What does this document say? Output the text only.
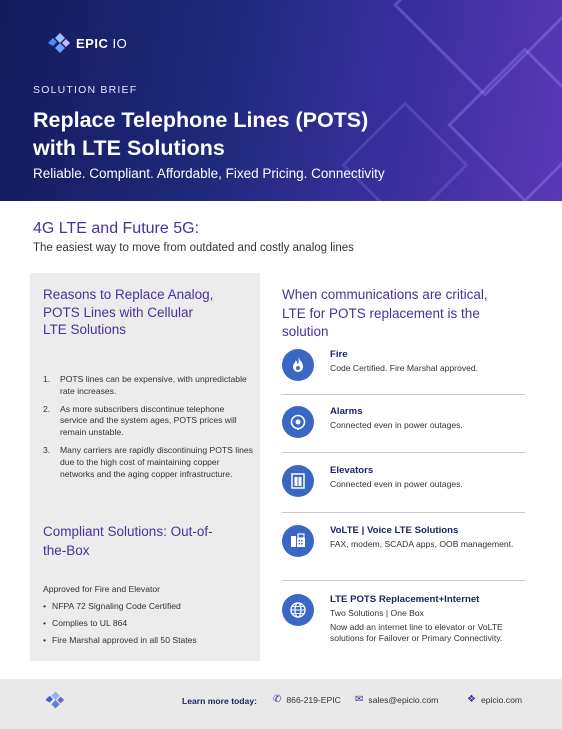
EPIC IO
SOLUTION BRIEF
Replace Telephone Lines (POTS)
with LTE Solutions
Reliable. Compliant. Affordable, Fixed Pricing. Connectivity
4G LTE and Future 5G:
The easiest way to move from outdated and costly analog lines
Reasons to Replace Analog,
POTS Lines with Cellular
LTE Solutions
1.	POTS lines can be expensive, with unpredictable rate increases.
2.	As more subscribers discontinue telephone service and the system ages, POTS prices will remain unstable.
3.	Many carriers are rapidly discontinuing POTS lines due to the high cost of maintaining copper networks and the aging copper infrastructure.
Compliant Solutions: Out-of-
the-Box
Approved for Fire and Elevator
• NFPA 72 Signaling Code Certified
• Complies to UL 864
• Fire Marshal approved in all 50 States
When communications are critical,
LTE for POTS replacement is the
solution
Fire
Code Certified. Fire Marshal approved.
Alarms
Connected even in power outages.
Elevators
Connected even in power outages.
VoLTE | Voice LTE Solutions
FAX, modem, SCADA apps, OOB management.
LTE POTS Replacement+Internet
Two Solutions | One Box
Now add an internet line to elevator or VoLTE solutions for Failover or Primary Connectivity.
Learn more today: ✆ 866-219-EPIC ✉ sales@epicio.com	❖ epicio.com
